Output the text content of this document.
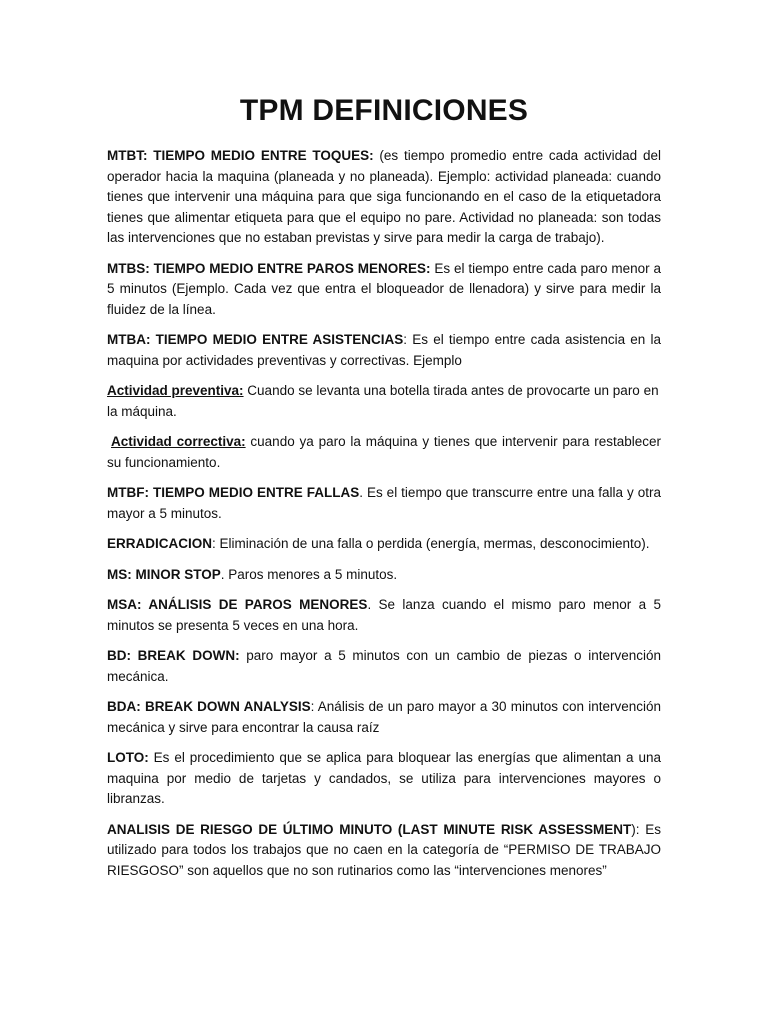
TPM DEFINICIONES

MTBT: TIEMPO MEDIO ENTRE TOQUES: (es tiempo promedio entre cada actividad del operador hacia la maquina (planeada y no planeada). Ejemplo: actividad planeada: cuando tienes que intervenir una máquina para que siga funcionando en el caso de la etiquetadora tienes que alimentar etiqueta para que el equipo no pare. Actividad no planeada: son todas las intervenciones que no estaban previstas y sirve para medir la carga de trabajo).

MTBS: TIEMPO MEDIO ENTRE PAROS MENORES: Es el tiempo entre cada paro menor a 5 minutos (Ejemplo. Cada vez que entra el bloqueador de llenadora) y sirve para medir la fluidez de la línea.

MTBA: TIEMPO MEDIO ENTRE ASISTENCIAS: Es el tiempo entre cada asistencia en la maquina por actividades preventivas y correctivas. Ejemplo

Actividad preventiva: Cuando se levanta una botella tirada antes de provocarte un paro en la máquina.

Actividad correctiva: cuando ya paro la máquina y tienes que intervenir para restablecer su funcionamiento.

MTBF: TIEMPO MEDIO ENTRE FALLAS. Es el tiempo que transcurre entre una falla y otra mayor a 5 minutos.

ERRADICACION: Eliminación de una falla o perdida (energía, mermas, desconocimiento).

MS: MINOR STOP. Paros menores a 5 minutos.

MSA: ANÁLISIS DE PAROS MENORES. Se lanza cuando el mismo paro menor a 5 minutos se presenta 5 veces en una hora.

BD: BREAK DOWN: paro mayor a 5 minutos con un cambio de piezas o intervención mecánica.

BDA: BREAK DOWN ANALYSIS: Análisis de un paro mayor a 30 minutos con intervención mecánica y sirve para encontrar la causa raíz

LOTO: Es el procedimiento que se aplica para bloquear las energías que alimentan a una maquina por medio de tarjetas y candados, se utiliza para intervenciones mayores o libranzas.

ANALISIS DE RIESGO DE ÚLTIMO MINUTO (LAST MINUTE RISK ASSESSMENT): Es utilizado para todos los trabajos que no caen en la categoría de “PERMISO DE TRABAJO RIESGOSO” son aquellos que no son rutinarios como las “intervenciones menores”
